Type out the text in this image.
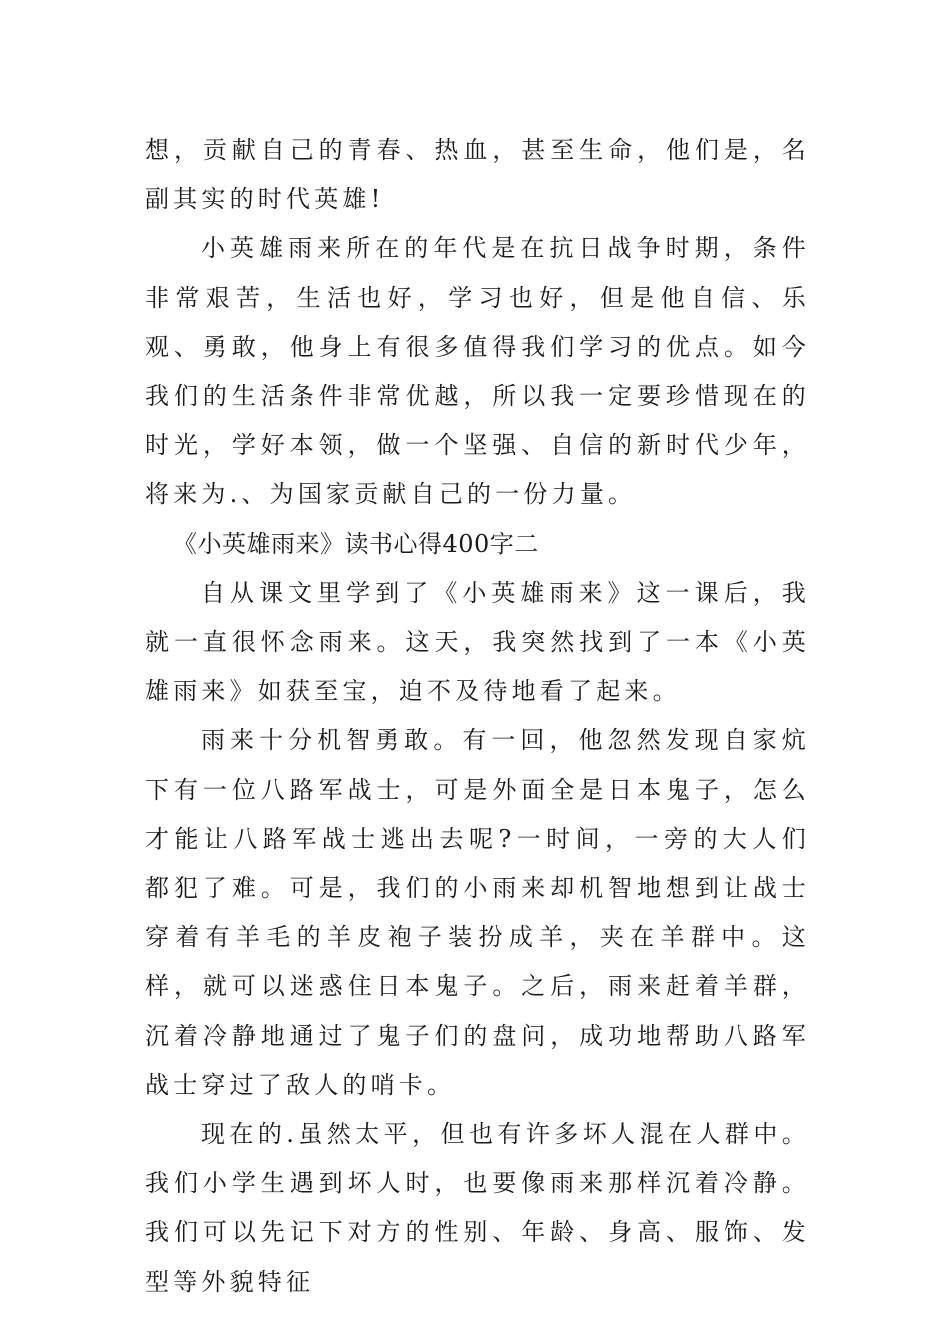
想，贡献自己的青春、热血，甚至生命，他们是，名副其实的时代英雄!

小英雄雨来所在的年代是在抗日战争时期，条件非常艰苦，生活也好，学习也好，但是他自信、乐观、勇敢，他身上有很多值得我们学习的优点。如今我们的生活条件非常优越，所以我一定要珍惜现在的时光，学好本领，做一个坚强、自信的新时代少年，将来为.、为国家贡献自己的一份力量。

《小英雄雨来》读书心得400字二

自从课文里学到了《小英雄雨来》这一课后，我就一直很怀念雨来。这天，我突然找到了一本《小英雄雨来》如获至宝，迫不及待地看了起来。

雨来十分机智勇敢。有一回，他忽然发现自家炕下有一位八路军战士，可是外面全是日本鬼子，怎么才能让八路军战士逃出去呢?一时间，一旁的大人们都犯了难。可是，我们的小雨来却机智地想到让战士穿着有羊毛的羊皮袍子装扮成羊，夹在羊群中。这样，就可以迷惑住日本鬼子。之后，雨来赶着羊群，沉着冷静地通过了鬼子们的盘问，成功地帮助八路军战士穿过了敌人的哨卡。

现在的.虽然太平，但也有许多坏人混在人群中。我们小学生遇到坏人时，也要像雨来那样沉着冷静。我们可以先记下对方的性别、年龄、身高、服饰、发型等外貌特征
